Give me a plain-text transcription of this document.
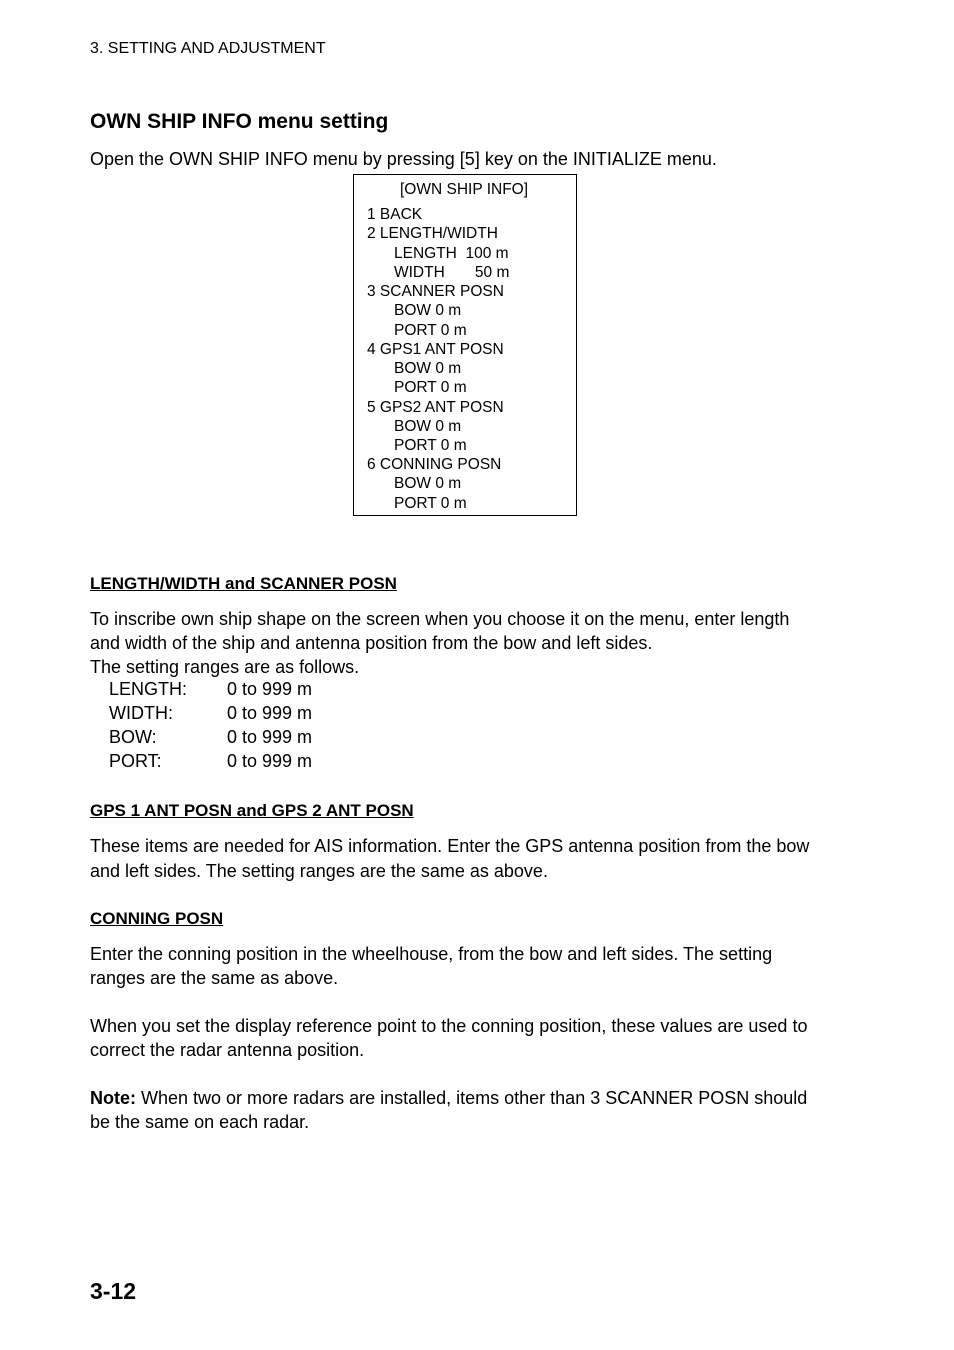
3. SETTING AND ADJUSTMENT
OWN SHIP INFO menu setting
Open the OWN SHIP INFO menu by pressing [5] key on the INITIALIZE menu.
[OWN SHIP INFO]
1 BACK
2 LENGTH/WIDTH
LENGTH  100 m
WIDTH       50 m
3 SCANNER POSN
BOW 0 m
PORT 0 m
4 GPS1 ANT POSN
BOW 0 m
PORT 0 m
5 GPS2 ANT POSN
BOW 0 m
PORT 0 m
6 CONNING POSN
BOW 0 m
PORT 0 m
LENGTH/WIDTH and SCANNER POSN
To inscribe own ship shape on the screen when you choose it on the menu, enter length
and width of the ship and antenna position from the bow and left sides.
The setting ranges are as follows.
LENGTH: 0 to 999 m
WIDTH:	0 to 999 m
BOW:	0 to 999 m
PORT:	0 to 999 m
GPS 1 ANT POSN and GPS 2 ANT POSN
These items are needed for AIS information. Enter the GPS antenna position from the bow
and left sides. The setting ranges are the same as above.
CONNING POSN
Enter the conning position in the wheelhouse, from the bow and left sides. The setting
ranges are the same as above.
When you set the display reference point to the conning position, these values are used to
correct the radar antenna position.
Note: When two or more radars are installed, items other than 3 SCANNER POSN should
be the same on each radar.
3-12
